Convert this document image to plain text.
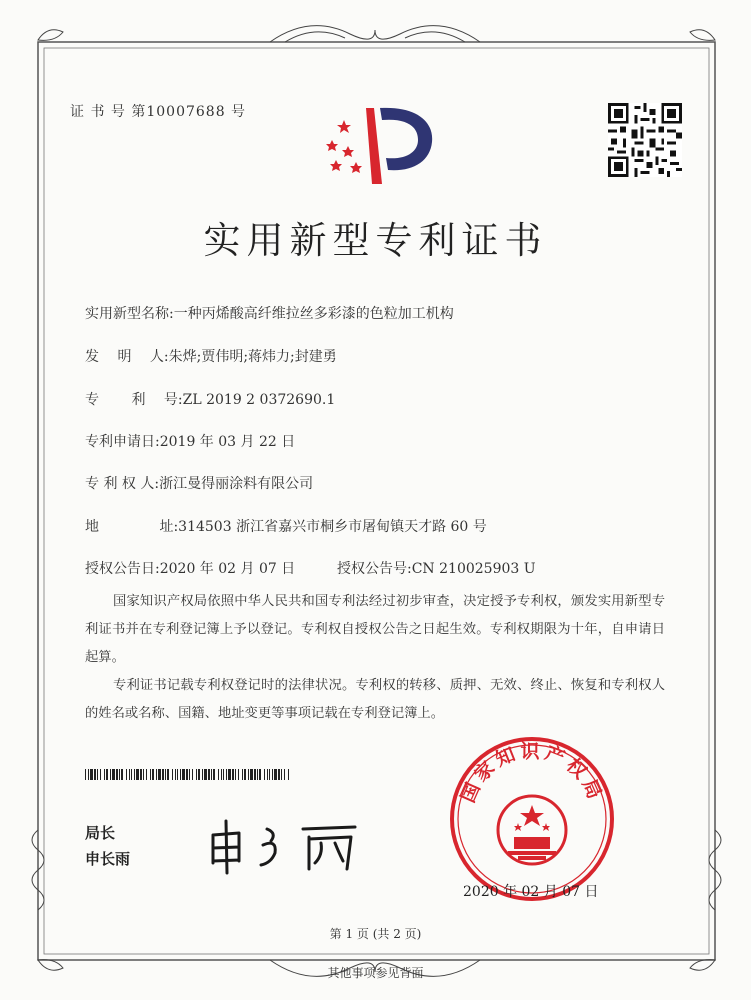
证 书 号 第10007688 号
实用新型专利证书
实用新型名称:一种丙烯酸高纤维拉丝多彩漆的色粒加工机构
发　 明　 人:朱烨;贾伟明;蒋炜力;封建勇
专　　 利　 号:ZL 2019 2 0372690.1
专利申请日:2019 年 03 月 22 日
专 利 权 人:浙江曼得丽涂料有限公司
地　　　　 址:314503 浙江省嘉兴市桐乡市屠甸镇天才路 60 号
授权公告日:2020 年 02 月 07 日	授权公告号:CN 210025903 U

国家知识产权局依照中华人民共和国专利法经过初步审查，决定授予专利权，颁发实用新型专利证书并在专利登记簿上予以登记。专利权自授权公告之日起生效。专利权期限为十年，自申请日起算。

专利证书记载专利权登记时的法律状况。专利权的转移、质押、无效、终止、恢复和专利权人的姓名或名称、国籍、地址变更等事项记载在专利登记簿上。

局长
申长雨
国家知识产权局
2020 年 02 月 07 日
第 1 页 (共 2 页)
其他事项参见背面
